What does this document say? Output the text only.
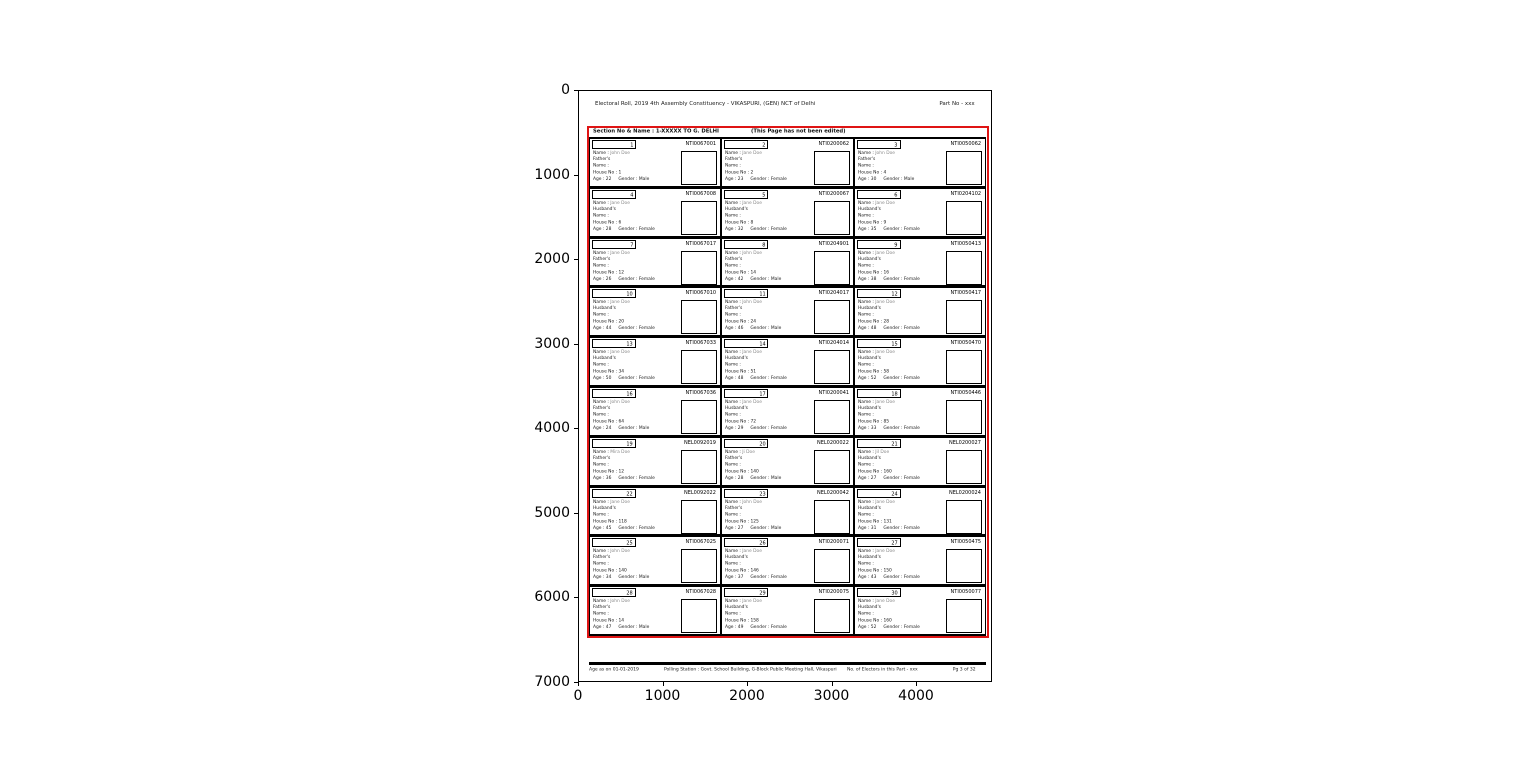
0	1000	2000	3000	4000
0
1000
2000
3000
4000
5000
6000
7000
Electoral Roll, 2019 4th Assembly Constituency - VIKASPURI, (GEN) NCT of Delhi	Part No - xxx
Section No & Name : 1-XXXXX TO G. DELHI	(This Page has not been edited)
1	NTI0067001
Name : John Doe
Father's
Name :
House No : 1
Age : 22 Gender : Male
2	NTI0200062
Name : Jane Doe
Father's
Name :
House No : 2
Age : 23 Gender : Female
3	NTI0050062
Name : John Doe
Father's
Name :
House No : 4
Age : 30 Gender : Male
4	NTI0067008
Name : Jane Doe
Husband's
Name :
House No : 6
Age : 28 Gender : Female
5	NTI0200067
Name : Jane Doe
Husband's
Name :
House No : 8
Age : 32 Gender : Female
6	NTI0204102
Name : Jane Doe
Husband's
Name :
House No : 9
Age : 35 Gender : Female
7	NTI0067017
Name : Jane Doe
Father's
Name :
House No : 12
Age : 26 Gender : Female
8	NTI0204901
Name : John Doe
Father's
Name :
House No : 14
Age : 42 Gender : Male
9	NTI0050413
Name : Jane Doe
Husband's
Name :
House No : 16
Age : 38 Gender : Female
10	NTI0067010
Name : Jane Doe
Husband's
Name :
House No : 20
Age : 44 Gender : Female
11	NTI0204017
Name : John Doe
Father's
Name :
House No : 24
Age : 46 Gender : Male
12	NTI0050417
Name : Jane Doe
Husband's
Name :
House No : 28
Age : 48 Gender : Female
13	NTI0067033
Name : Jane Doe
Husband's
Name :
House No : 34
Age : 50 Gender : Female
14	NTI0204014
Name : Jane Doe
Husband's
Name :
House No : 51
Age : 48 Gender : Female
15	NTI0050470
Name : Jane Doe
Husband's
Name :
House No : 58
Age : 52 Gender : Female
16	NTI0067036
Name : John Doe
Father's
Name :
House No : 64
Age : 24 Gender : Male
17	NTI0200041
Name : Jane Doe
Husband's
Name :
House No : 72
Age : 29 Gender : Female
18	NTI0050446
Name : Jane Doe
Husband's
Name :
House No : 85
Age : 33 Gender : Female
19	NEL0092019
Name : Mira Doe
Father's
Name :
House No : 12
Age : 36 Gender : Female
20	NEL0200022
Name : Ji Doe
Father's
Name :
House No : 140
Age : 28 Gender : Male
21	NEL0200027
Name : Jil Doe
Husband's
Name :
House No : 160
Age : 27 Gender : Female
22	NEL0092022
Name : Jane Doe
Husband's
Name :
House No : 118
Age : 45 Gender : Female
23	NEL0200042
Name : John Doe
Father's
Name :
House No : 125
Age : 27 Gender : Male
24	NEL0200024
Name : Jane Doe
Husband's
Name :
House No : 131
Age : 31 Gender : Female
25	NTI0067025
Name : John Doe
Father's
Name :
House No : 140
Age : 34 Gender : Male
26	NTI0200071
Name : Jane Doe
Husband's
Name :
House No : 146
Age : 37 Gender : Female
27	NTI0050475
Name : Jane Doe
Husband's
Name :
House No : 150
Age : 43 Gender : Female
28	NTI0067028
Name : John Doe
Father's
Name :
House No : 14
Age : 47 Gender : Male
29	NTI0200075
Name : Jane Doe
Husband's
Name :
House No : 158
Age : 49 Gender : Female
30	NTI0050077
Name : Jane Doe
Husband's
Name :
House No : 160
Age : 52 Gender : Female
Age as on 01-01-2019	Polling Station : Govt. School Building, G-Block Public Meeting Hall, Vikaspuri No. of Electors in this Part - xxx	Pg 3 of 32
